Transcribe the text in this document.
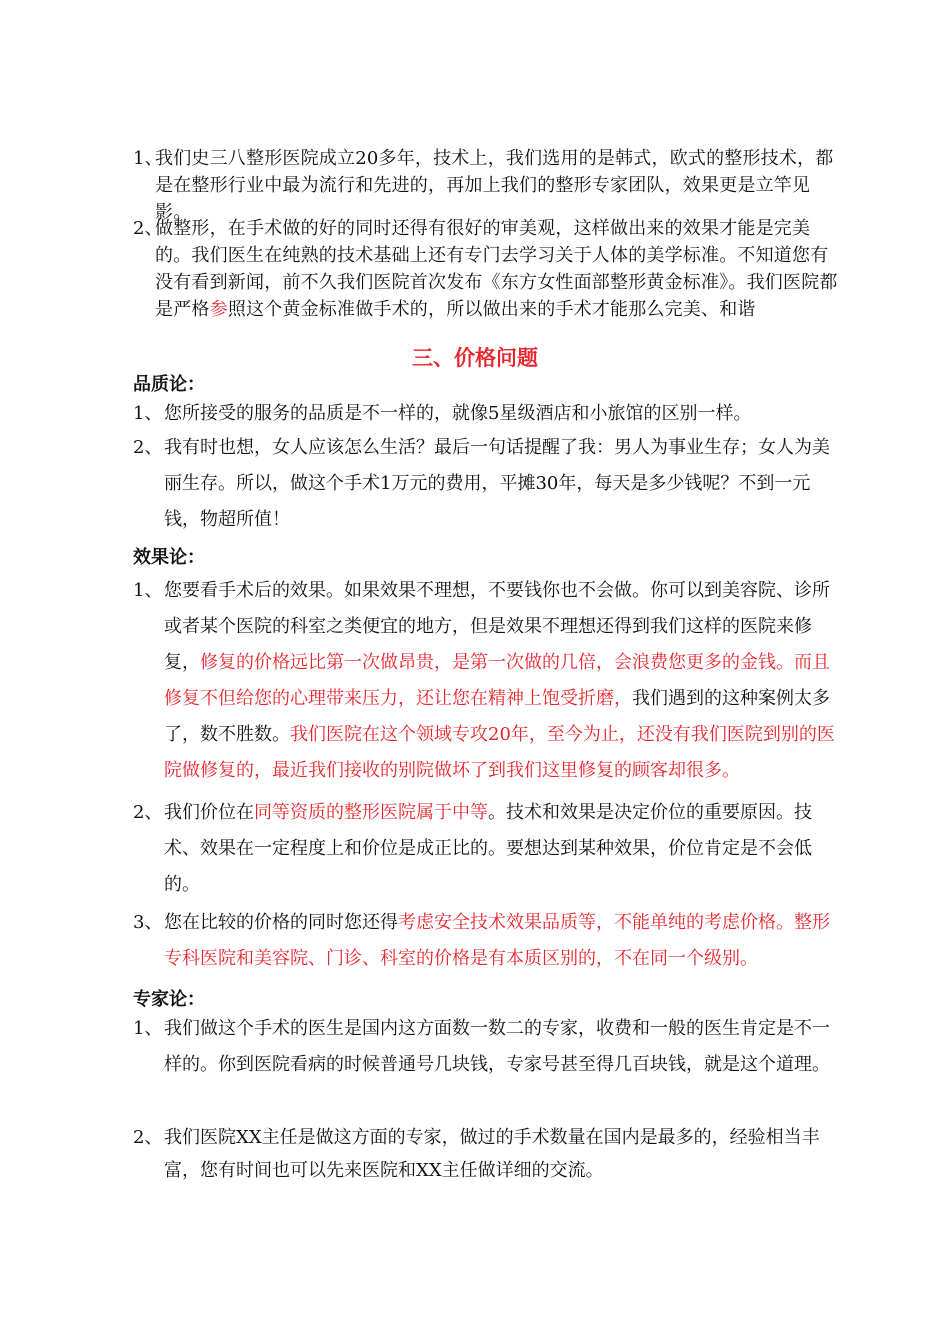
1、
我们史三八整形医院成立20多年，技术上，我们选用的是韩式，欧式的整形技术，都是在整形行业中最为流行和先进的，再加上我们的整形专家团队，效果更是立竿见影。

2、
做整形，在手术做的好的同时还得有很好的审美观，这样做出来的效果才能是完美的。我们医生在纯熟的技术基础上还有专门去学习关于人体的美学标准。不知道您有没有看到新闻，前不久我们医院首次发布《东方女性面部整形黄金标准》。我们医院都是严格参照这个黄金标准做手术的，所以做出来的手术才能那么完美、和谐

三、价格问题
品质论：

1、 您所接受的服务的品质是不一样的，就像5星级酒店和小旅馆的区别一样。

2、 我有时也想，女人应该怎么生活？最后一句话提醒了我：男人为事业生存；女人为美丽生存。所以，做这个手术1万元的费用，平摊30年，每天是多少钱呢？不到一元钱，物超所值！

效果论：

1、 您要看手术后的效果。如果效果不理想，不要钱你也不会做。你可以到美容院、诊所或者某个医院的科室之类便宜的地方，但是效果不理想还得到我们这样的医院来修复，修复的价格远比第一次做昂贵，是第一次做的几倍，会浪费您更多的金钱。而且修复不但给您的心理带来压力，还让您在精神上饱受折磨，我们遇到的这种案例太多了，数不胜数。我们医院在这个领域专攻20年，至今为止，还没有我们医院到别的医院做修复的，最近我们接收的别院做坏了到我们这里修复的顾客却很多。

2、 我们价位在同等资质的整形医院属于中等。技术和效果是决定价位的重要原因。技术、效果在一定程度上和价位是成正比的。要想达到某种效果，价位肯定是不会低的。

3、 您在比较的价格的同时您还得考虑安全技术效果品质等，不能单纯的考虑价格。整形专科医院和美容院、门诊、科室的价格是有本质区别的，不在同一个级别。

专家论：

1、 我们做这个手术的医生是国内这方面数一数二的专家，收费和一般的医生肯定是不一样的。你到医院看病的时候普通号几块钱，专家号甚至得几百块钱，就是这个道理。

2、 我们医院XX主任是做这方面的专家，做过的手术数量在国内是最多的，经验相当丰富，您有时间也可以先来医院和XX主任做详细的交流。
